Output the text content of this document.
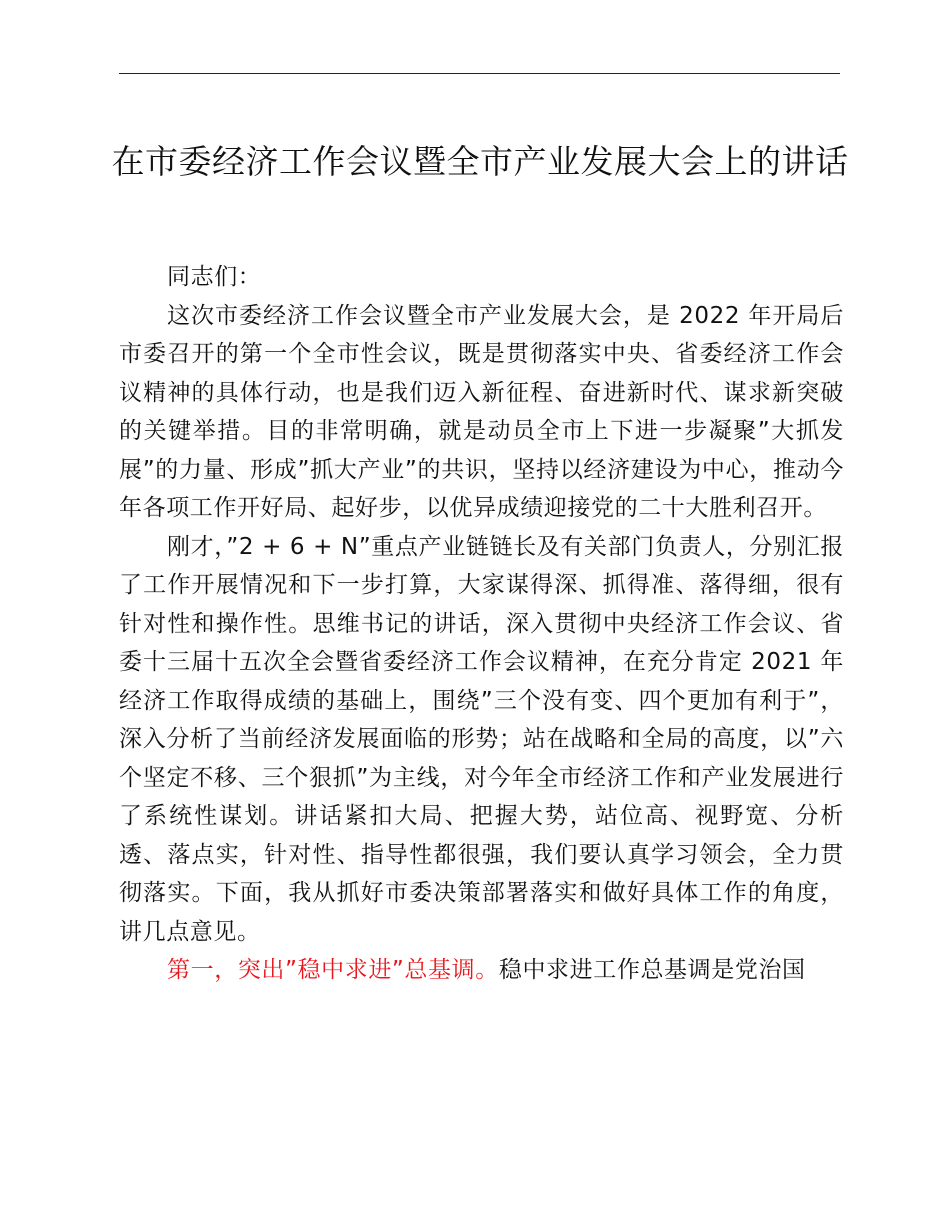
在市委经济工作会议暨全市产业发展大会上的讲话

同志们：

这次市委经济工作会议暨全市产业发展大会，是 2022 年开局后市委召开的第一个全市性会议，既是贯彻落实中央、省委经济工作会议精神的具体行动，也是我们迈入新征程、奋进新时代、谋求新突破的关键举措。目的非常明确，就是动员全市上下进一步凝聚”大抓发展”的力量、形成”抓大产业”的共识，坚持以经济建设为中心，推动今年各项工作开好局、起好步，以优异成绩迎接党的二十大胜利召开。

刚才，”2 + 6 + N”重点产业链链长及有关部门负责人，分别汇报了工作开展情况和下一步打算，大家谋得深、抓得准、落得细，很有针对性和操作性。思维书记的讲话，深入贯彻中央经济工作会议、省委十三届十五次全会暨省委经济工作会议精神，在充分肯定 2021 年经济工作取得成绩的基础上，围绕”三个没有变、四个更加有利于”，深入分析了当前经济发展面临的形势；站在战略和全局的高度，以”六个坚定不移、三个狠抓”为主线，对今年全市经济工作和产业发展进行了系统性谋划。讲话紧扣大局、把握大势，站位高、视野宽、分析透、落点实，针对性、指导性都很强，我们要认真学习领会，全力贯彻落实。下面，我从抓好市委决策部署落实和做好具体工作的角度，讲几点意见。

第一，突出”稳中求进”总基调。稳中求进工作总基调是党治国
